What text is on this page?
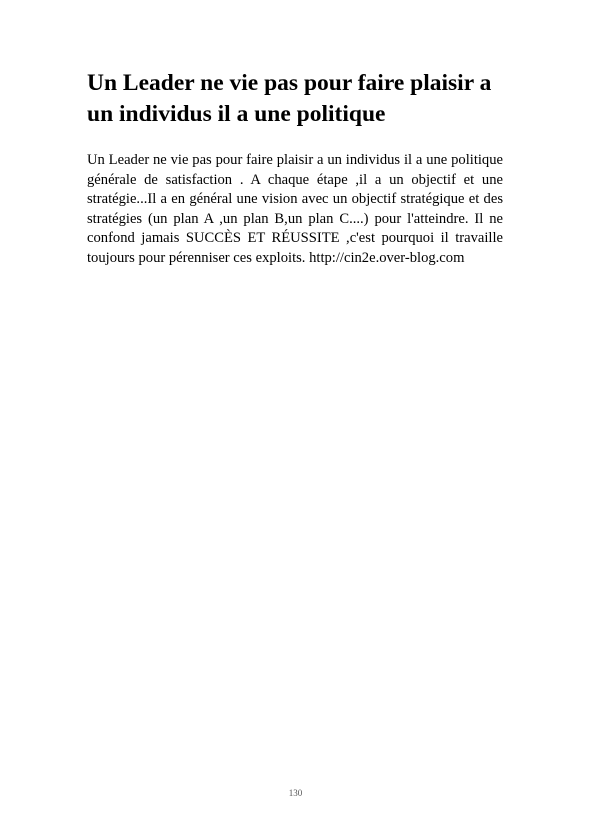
Un Leader ne vie pas pour faire plaisir a un individus il a une politique

Un Leader ne vie pas pour faire plaisir a un individus il a une politique générale de satisfaction . A chaque étape ,il a un objectif et une stratégie...Il a en général une vision avec un objectif stratégique et des stratégies (un plan A ,un plan B,un plan C....) pour l'atteindre. Il ne confond jamais SUCCÈS ET RÉUSSITE ,c'est pourquoi il travaille toujours pour pérenniser ces exploits. http://cin2e.over-blog.com

130
